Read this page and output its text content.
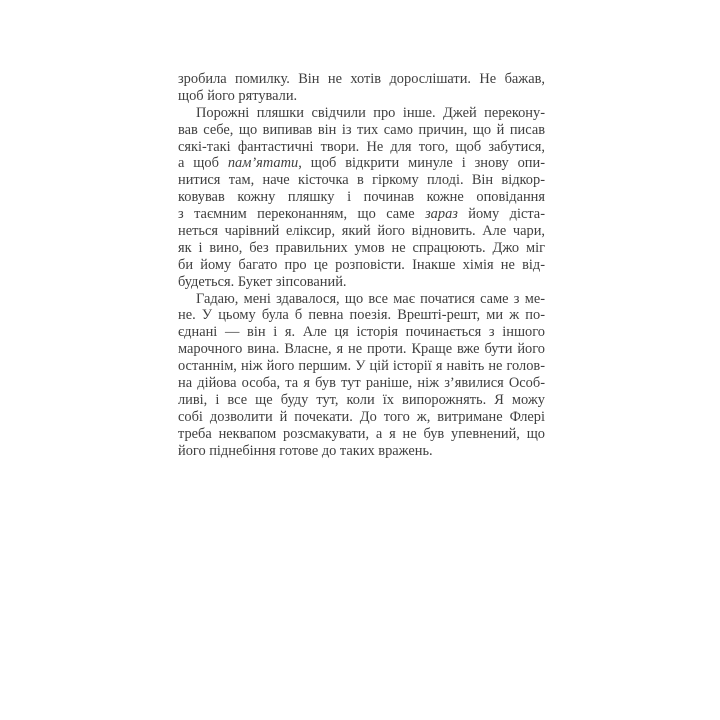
зробила помилку. Він не хотів дорослішати. Не бажав,
щоб його рятували.
Порожні пляшки свідчили про інше. Джей перекону-
вав себе, що випивав він із тих само причин, що й писав
сякі-такі фантастичні твори. Не для того, щоб забутися,
а щоб пам’ятати, щоб відкрити минуле і знову опи-
нитися там, наче кісточка в гіркому плоді. Він відкор-
ковував кожну пляшку і починав кожне оповідання
з таємним переконанням, що саме зараз йому діста-
неться чарівний еліксир, який його відновить. Але чари,
як і вино, без правильних умов не спрацюють. Джо міг
би йому багато про це розповісти. Інакше хімія не від-
будеться. Букет зіпсований.
Гадаю, мені здавалося, що все має початися саме з ме-
не. У цьому була б певна поезія. Врешті-решт, ми ж по-
єднані — він і я. Але ця історія починається з іншого
марочного вина. Власне, я не проти. Краще вже бути його
останнім, ніж його першим. У цій історії я навіть не голов-
на дійова особа, та я був тут раніше, ніж з’явилися Особ-
ливі, і все ще буду тут, коли їх випорожнять. Я можу
собі дозволити й почекати. До того ж, витримане Флері
треба неквапом розсмакувати, а я не був упевнений, що
його піднебіння готове до таких вражень.
